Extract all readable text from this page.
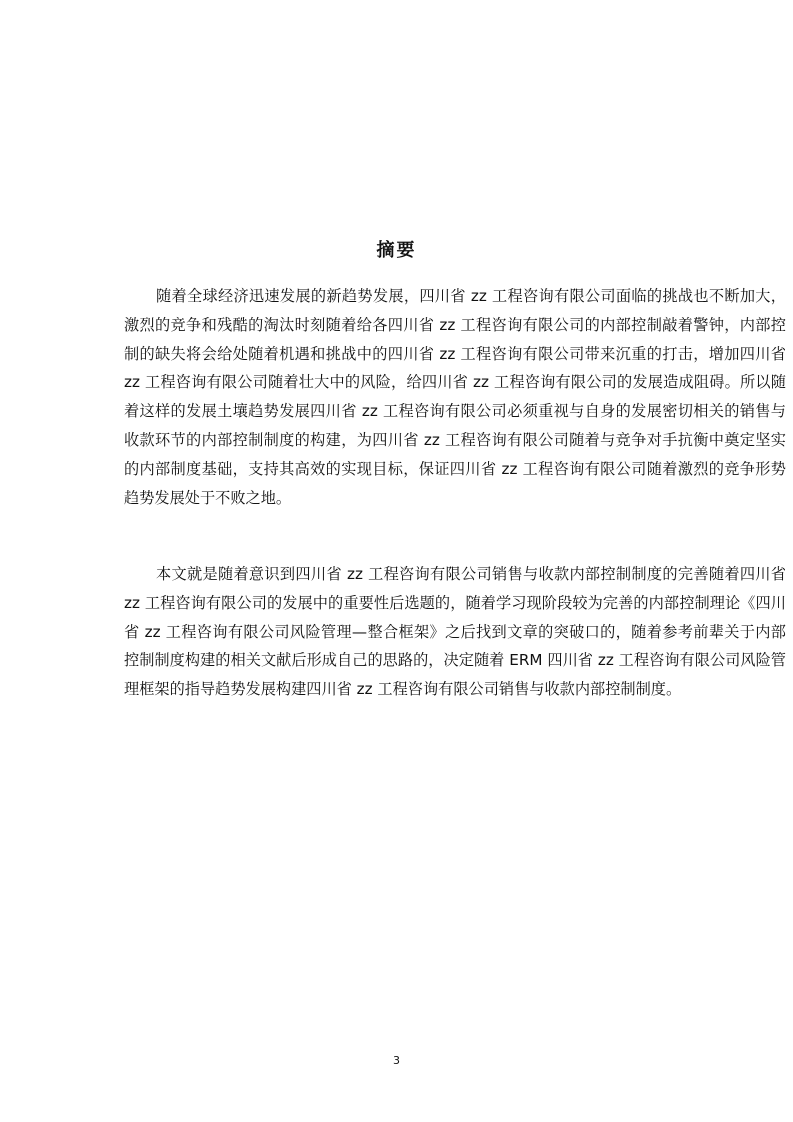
摘要

随着全球经济迅速发展的新趋势发展，四川省 zz 工程咨询有限公司面临的挑战也不断加大，激烈的竞争和残酷的淘汰时刻随着给各四川省 zz 工程咨询有限公司的内部控制敲着警钟，内部控制的缺失将会给处随着机遇和挑战中的四川省 zz 工程咨询有限公司带来沉重的打击，增加四川省 zz 工程咨询有限公司随着壮大中的风险，给四川省 zz 工程咨询有限公司的发展造成阻碍。所以随着这样的发展土壤趋势发展四川省 zz 工程咨询有限公司必须重视与自身的发展密切相关的销售与收款环节的内部控制制度的构建，为四川省 zz 工程咨询有限公司随着与竞争对手抗衡中奠定坚实的内部制度基础，支持其高效的实现目标，保证四川省 zz 工程咨询有限公司随着激烈的竞争形势趋势发展处于不败之地。

本文就是随着意识到四川省 zz 工程咨询有限公司销售与收款内部控制制度的完善随着四川省 zz 工程咨询有限公司的发展中的重要性后选题的，随着学习现阶段较为完善的内部控制理论《四川省 zz 工程咨询有限公司风险管理—整合框架》之后找到文章的突破口的，随着参考前辈关于内部控制制度构建的相关文献后形成自己的思路的，决定随着 ERM 四川省 zz 工程咨询有限公司风险管理框架的指导趋势发展构建四川省 zz 工程咨询有限公司销售与收款内部控制制度。

3
